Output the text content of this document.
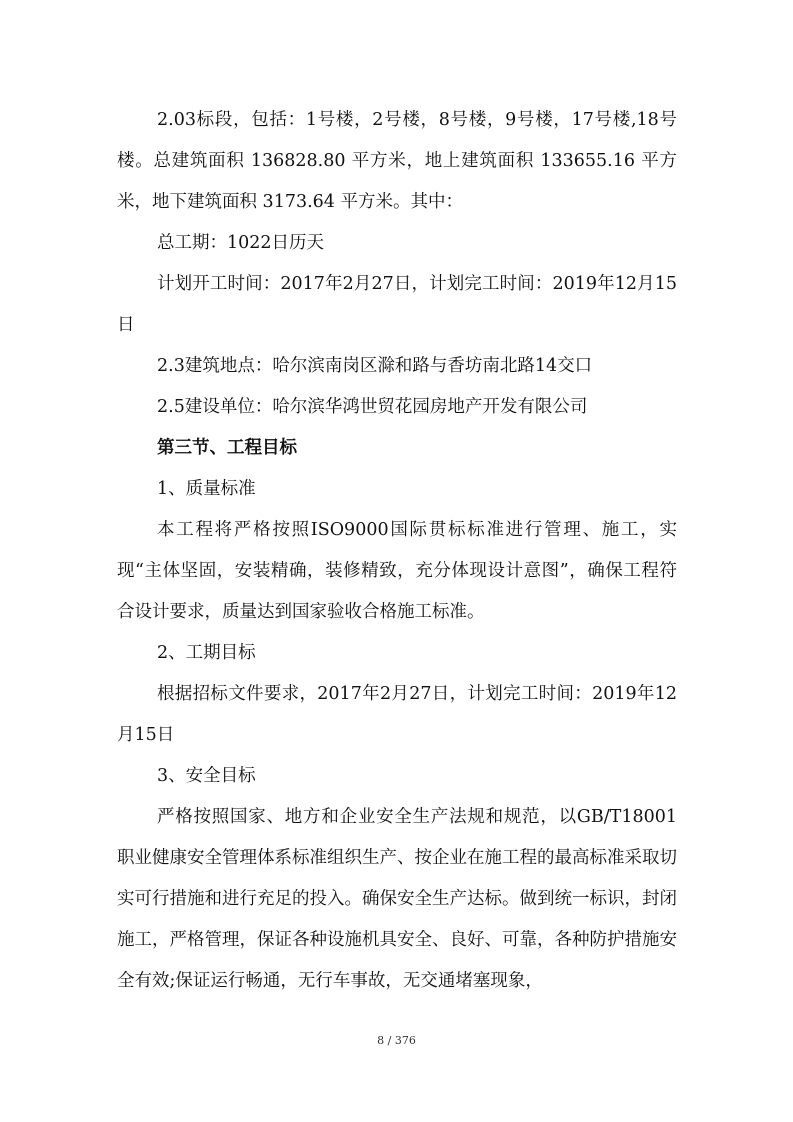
2.03标段，包括：1号楼，2号楼，8号楼，9号楼，17号楼,18号楼。总建筑面积 136828.80 平方米，地上建筑面积 133655.16 平方米，地下建筑面积 3173.64 平方米。其中：

总工期：1022日历天

计划开工时间：2017年2月27日，计划完工时间：2019年12月15日

2.3建筑地点：哈尔滨南岗区滁和路与香坊南北路14交口

2.5建设单位：哈尔滨华鸿世贸花园房地产开发有限公司

第三节、工程目标

1、质量标准

本工程将严格按照ISO9000国际贯标标准进行管理、施工，实现“主体坚固，安装精确，装修精致，充分体现设计意图”，确保工程符合设计要求，质量达到国家验收合格施工标准。

2、工期目标

根据招标文件要求，2017年2月27日，计划完工时间：2019年12月15日

3、安全目标

严格按照国家、地方和企业安全生产法规和规范，以GB/T18001职业健康安全管理体系标准组织生产、按企业在施工程的最高标准采取切实可行措施和进行充足的投入。确保安全生产达标。做到统一标识，封闭施工，严格管理，保证各种设施机具安全、良好、可靠，各种防护措施安全有效;保证运行畅通，无行车事故，无交通堵塞现象，

8 / 376
